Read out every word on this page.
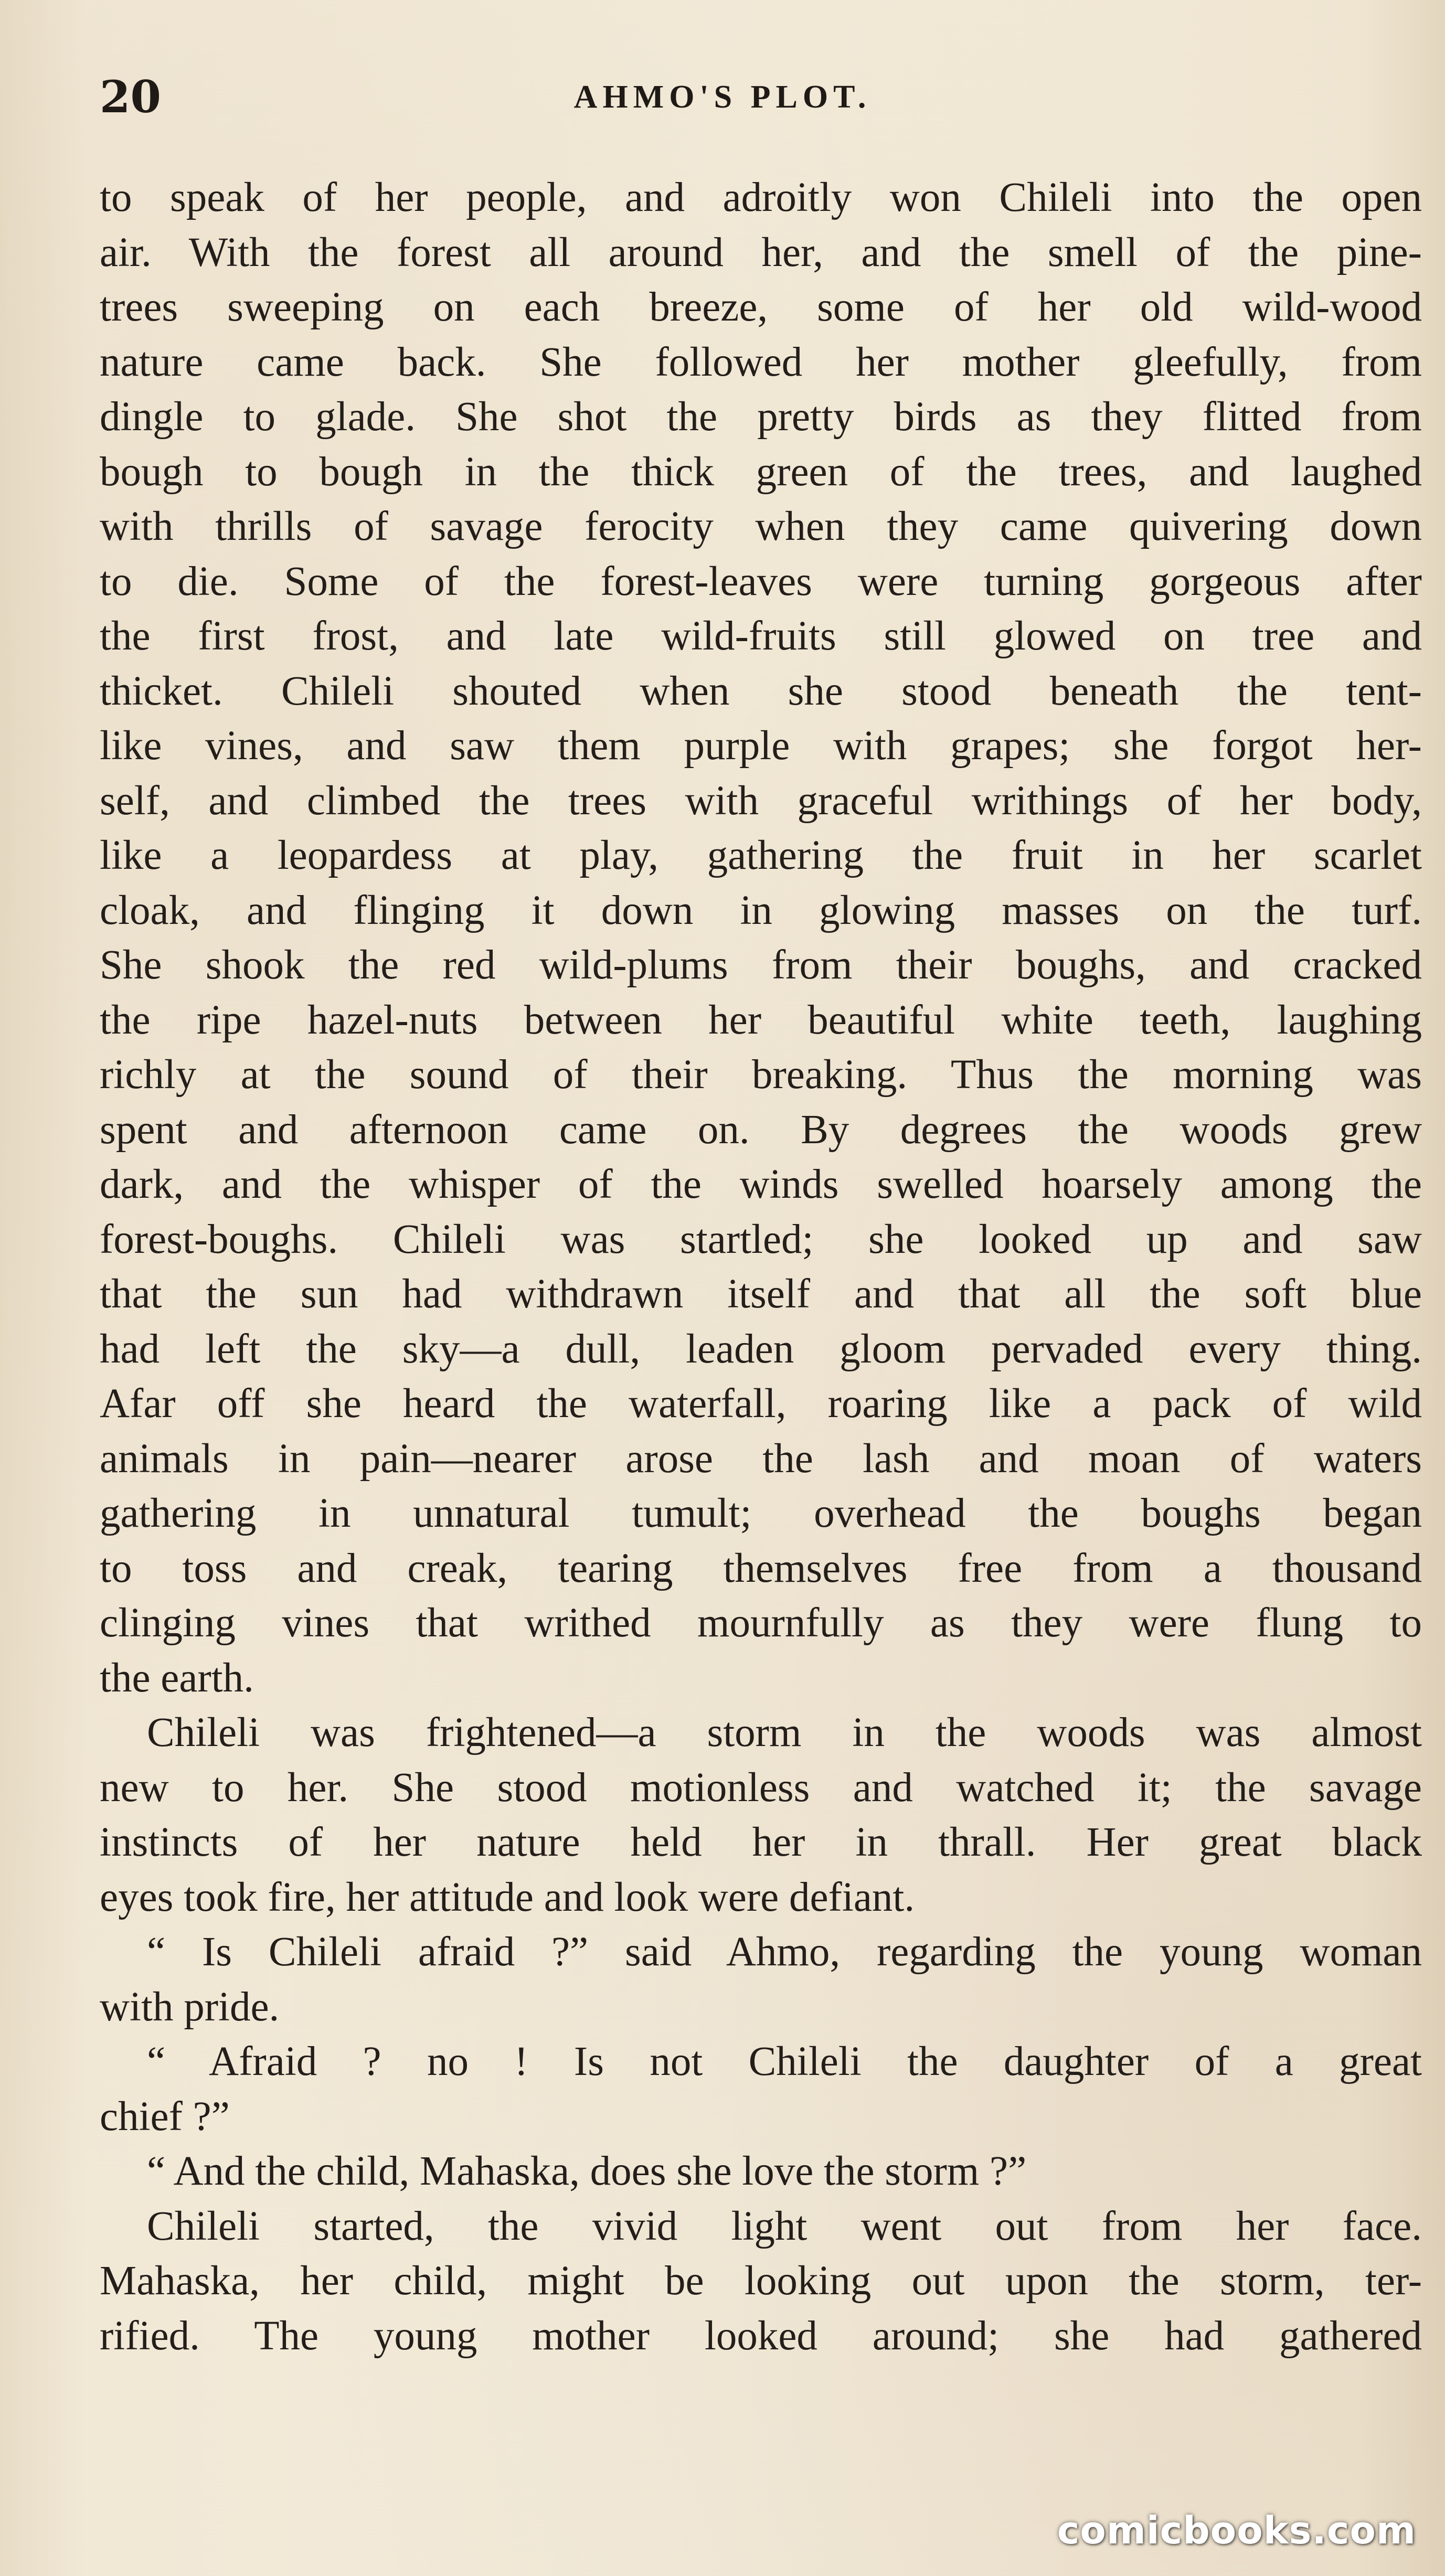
20	AHMO'S PLOT.
to speak of her people, and adroitly won Chileli into the open
air. With the forest all around her, and the smell of the pine-
trees sweeping on each breeze, some of her old wild-wood
nature came back. She followed her mother gleefully, from
dingle to glade. She shot the pretty birds as they flitted from
bough to bough in the thick green of the trees, and laughed
with thrills of savage ferocity when they came quivering down
to die. Some of the forest-leaves were turning gorgeous after
the first frost, and late wild-fruits still glowed on tree and
thicket. Chileli shouted when she stood beneath the tent-
like vines, and saw them purple with grapes; she forgot her-
self, and climbed the trees with graceful writhings of her body,
like a leopardess at play, gathering the fruit in her scarlet
cloak, and flinging it down in glowing masses on the turf.
She shook the red wild-plums from their boughs, and cracked
the ripe hazel-nuts between her beautiful white teeth, laughing
richly at the sound of their breaking. Thus the morning was
spent and afternoon came on. By degrees the woods grew
dark, and the whisper of the winds swelled hoarsely among the
forest-boughs. Chileli was startled; she looked up and saw
that the sun had withdrawn itself and that all the soft blue
had left the sky—a dull, leaden gloom pervaded every thing.
Afar off she heard the waterfall, roaring like a pack of wild
animals in pain—nearer arose the lash and moan of waters
gathering in unnatural tumult; overhead the boughs began
to toss and creak, tearing themselves free from a thousand
clinging vines that writhed mournfully as they were flung to
the earth.
Chileli was frightened—a storm in the woods was almost
new to her. She stood motionless and watched it; the savage
instincts of her nature held her in thrall. Her great black
eyes took fire, her attitude and look were defiant.
“ Is Chileli afraid ?” said Ahmo, regarding the young woman
with pride.
“ Afraid ? no ! Is not Chileli the daughter of a great
chief ?”
“ And the child, Mahaska, does she love the storm ?”
Chileli started, the vivid light went out from her face.
Mahaska, her child, might be looking out upon the storm, ter-
rified. The young mother looked around; she had gathered
comicbooks.com
